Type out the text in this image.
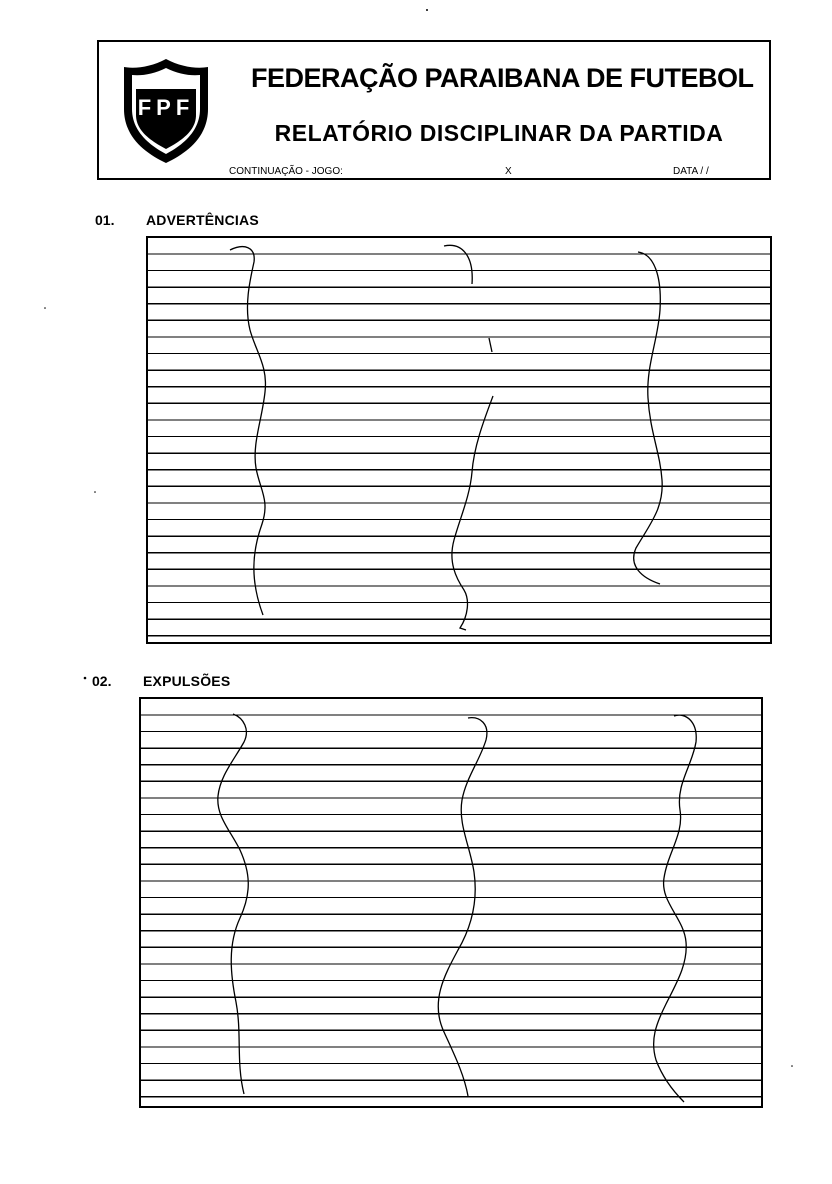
FPF
FEDERAÇÃO PARAIBANA DE FUTEBOL
RELATÓRIO DISCIPLINAR DA PARTIDA
CONTINUAÇÃO - JOGO:	X	DATA / /
01. ADVERTÊNCIAS
02. EXPULSÕES
